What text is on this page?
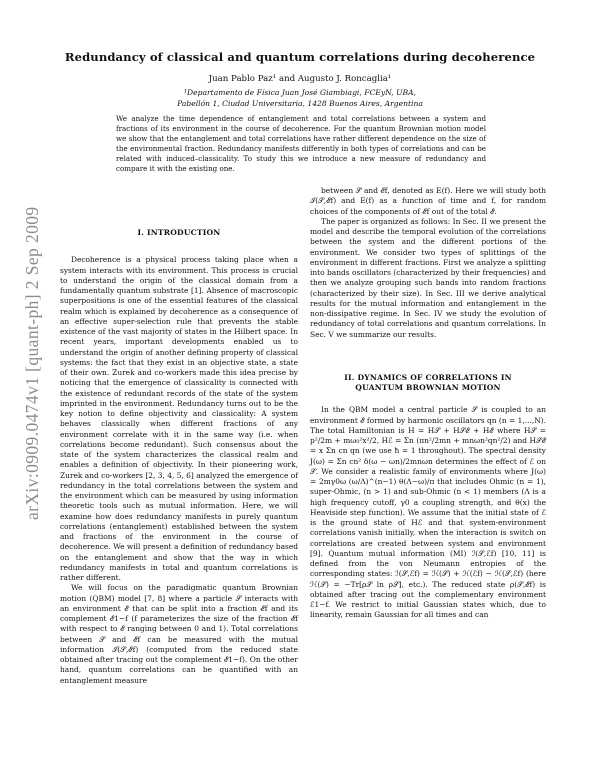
arXiv:0909.0474v1 [quant-ph] 2 Sep 2009
Redundancy of classical and quantum correlations during decoherence
Juan Pablo Paz¹ and Augusto J. Roncaglia¹
¹Departamento de Física Juan José Giambiagi, FCEyN, UBA,
Pabellón 1, Ciudad Universitaria, 1428 Buenos Aires, Argentina
We analyze the time dependence of entanglement and total correlations between a system and fractions of its environment in the course of decoherence. For the quantum Brownian motion model we show that the entanglement and total correlations have rather different dependence on the size of the environmental fraction. Redundancy manifests differently in both types of correlations and can be related with induced–classicality. To study this we introduce a new measure of redundancy and compare it with the existing one.
I. INTRODUCTION

Decoherence is a physical process taking place when a system interacts with its environment. This process is crucial to understand the origin of the classical domain from a fundamentally quantum substrate [1]. Absence of macroscopic superpositions is one of the essential features of the classical realm which is explained by decoherence as a consequence of an effective super-selection rule that prevents the stable existence of the vast majority of states in the Hilbert space. In recent years, important developments enabled us to understand the origin of another defining property of classical systems: the fact that they exist in an objective state, a state of their own. Zurek and co-workers made this idea precise by noticing that the emergence of classicality is connected with the existence of redundant records of the state of the system imprinted in the environment. Redundancy turns out to be the key notion to define objectivity and classicality: A system behaves classically when different fractions of any environment correlate with it in the same way (i.e. when correlations become redundant). Such consensus about the state of the system characterizes the classical realm and enables a definition of objectivity. In their pioneering work, Zurek and co-workers [2, 3, 4, 5, 6] analyzed the emergence of redundancy in the total correlations between the system and the environment which can be measured by using information theoretic tools such as mutual information. Here, we will examine how does redundancy manifests in purely quantum correlations (entanglement) established between the system and fractions of the environment in the course of decoherence. We will present a definition of redundancy based on the entanglement and show that the way in which redundancy manifests in total and quantum correlations is rather different.

We will focus on the paradigmatic quantum Brownian motion (QBM) model [7, 8] where a particle 𝒮 interacts with an environment ℰ that can be split into a fraction ℰf and its complement ℰ1−f (f parameterizes the size of the fraction ℰf with respect to ℰ ranging between 0 and 1). Total correlations between 𝒮 and ℰf can be measured with the mutual information ℐ(𝒮,ℰf) (computed from the reduced state obtained after tracing out the complement ℰ1−f). On the other hand, quantum correlations can be quantified with an entanglement measure

between 𝒮 and ℰf, denoted as E(f). Here we will study both ℐ(𝒮,ℰf) and E(f) as a function of time and f, for random choices of the components of ℰf out of the total ℰ.

The paper is organized as follows: In Sec. II we present the model and describe the temporal evolution of the correlations between the system and the different portions of the environment. We consider two types of splittings of the environment in different fractions. First we analyze a splitting into bands oscillators (characterized by their frequencies) and then we analyze grouping such bands into random fractions (characterized by their size). In Sec. III we derive analytical results for the mutual information and entanglement in the non-dissipative regime. In Sec. IV we study the evolution of redundancy of total correlations and quantum correlations. In Sec. V we summarize our results.

II. DYNAMICS OF CORRELATIONS IN
QUANTUM BROWNIAN MOTION

In the QBM model a central particle 𝒮 is coupled to an environment ℰ formed by harmonic oscillators qn (n = 1,...,N). The total Hamiltonian is H = H𝒮 + H𝒮ℰ + Hℰ where H𝒮 = p²/2m + mω₀²x²/2, Hℰ = Σn (πn²/2mn + mnωn²qn²/2) and H𝒮ℰ = x Σn cn qn (we use ħ = 1 throughout). The spectral density J(ω) = Σn cn² δ(ω − ωn)/2mnωn determines the effect of ℰ on 𝒮. We consider a realistic family of environments where J(ω) = 2mγ0ω (ω/Λ)^(n−1) θ(Λ−ω)/π that includes Ohmic (n = 1), super-Ohmic, (n > 1) and sub-Ohmic (n < 1) members (Λ is a high frequency cutoff, γ0 a coupling strength, and θ(x) the Heaviside step function). We assume that the initial state of ℰ is the ground state of Hℰ and that system-environment correlations vanish initially, when the interaction is switch on correlations are created between system and environment [9]. Quantum mutual information (MI) ℐ(𝒮,ℰf) [10, 11] is defined from the von Neumann entropies of the corresponding states: ℐ(𝒮,ℰf) = ℋ(𝒮) + ℋ(ℰf) − ℋ(𝒮,ℰf) (here ℋ(𝒮) = −Tr[ρ𝒮 ln ρ𝒮], etc.). The reduced state ρ(𝒮,ℰf) is obtained after tracing out the complementary environment ℰ1−f. We restrict to initial Gaussian states which, due to linearity, remain Gaussian for all times and can
